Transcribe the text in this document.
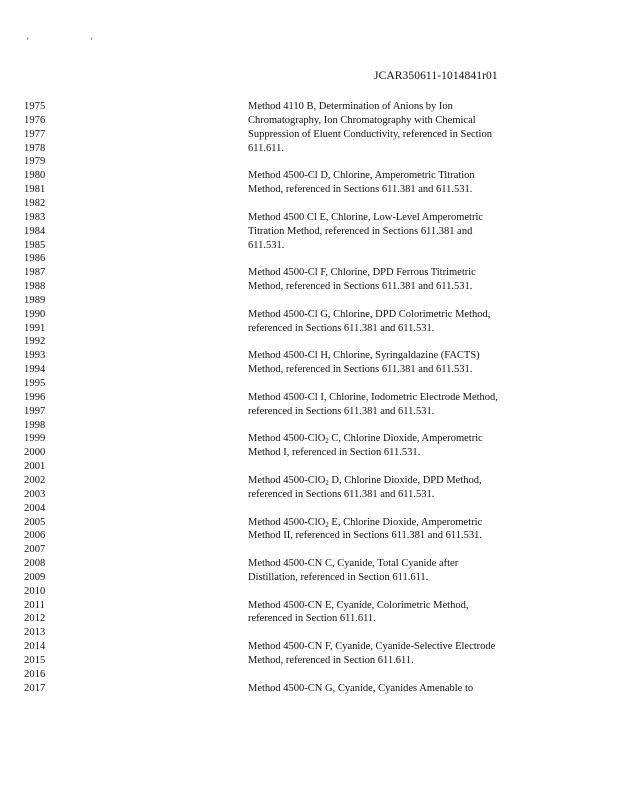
' '
JCAR350611-1014841r01
1975	Method 4110 B, Determination of Anions by Ion
1976	Chromatography, Ion Chromatography with Chemical
1977	Suppression of Eluent Conductivity, referenced in Section
1978	611.611.
1979
1980	Method 4500-Cl D, Chlorine, Amperometric Titration
1981	Method, referenced in Sections 611.381 and 611.531.
1982
1983	Method 4500 Cl E, Chlorine, Low-Level Amperometric
1984	Titration Method, referenced in Sections 611.381 and
1985	611.531.
1986
1987	Method 4500-Cl F, Chlorine, DPD Ferrous Titrimetric
1988	Method, referenced in Sections 611.381 and 611.531.
1989
1990	Method 4500-Cl G, Chlorine, DPD Colorimetric Method,
1991	referenced in Sections 611.381 and 611.531.
1992
1993	Method 4500-Cl H, Chlorine, Syringaldazine (FACTS)
1994	Method, referenced in Sections 611.381 and 611.531.
1995
1996	Method 4500-Cl I, Chlorine, Iodometric Electrode Method,
1997	referenced in Sections 611.381 and 611.531.
1998
1999	Method 4500-ClO$_2$ C, Chlorine Dioxide, Amperometric
2000	Method I, referenced in Section 611.531.
2001
2002	Method 4500-ClO$_2$ D, Chlorine Dioxide, DPD Method,
2003	referenced in Sections 611.381 and 611.531.
2004
2005	Method 4500-ClO$_2$ E, Chlorine Dioxide, Amperometric
2006	Method II, referenced in Sections 611.381 and 611.531.
2007
2008	Method 4500-CN C, Cyanide, Total Cyanide after
2009	Distillation, referenced in Section 611.611.
2010
2011	Method 4500-CN E, Cyanide, Colorimetric Method,
2012	referenced in Section 611.611.
2013
2014	Method 4500-CN F, Cyanide, Cyanide-Selective Electrode
2015	Method, referenced in Section 611.611.
2016
2017	Method 4500-CN G, Cyanide, Cyanides Amenable to
